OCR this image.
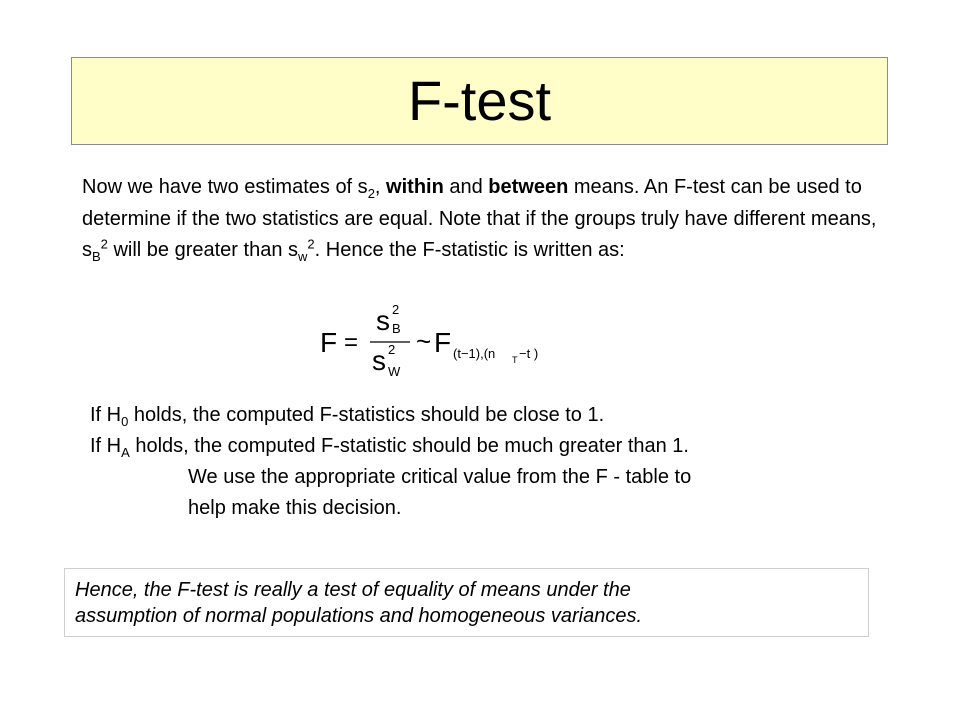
F-test

Now we have two estimates of $s_2$, within and between means. An F-test can be used to determine if the two statistics are equal. Note that if the groups truly have different means, $s_B^2$ will be greater than $s_w^2$. Hence the F-statistic is written as:

F =
s 2
B
s 2
W
~ F (t−1),(n T −t )

If $H_0$ holds, the computed F-statistics should be close to 1.

If $H_A$ holds, the computed F-statistic should be much greater than 1.

We use the appropriate critical value from the F - table to

help make this decision.

Hence, the F-test is really a test of equality of means under the

assumption of normal populations and homogeneous variances.
